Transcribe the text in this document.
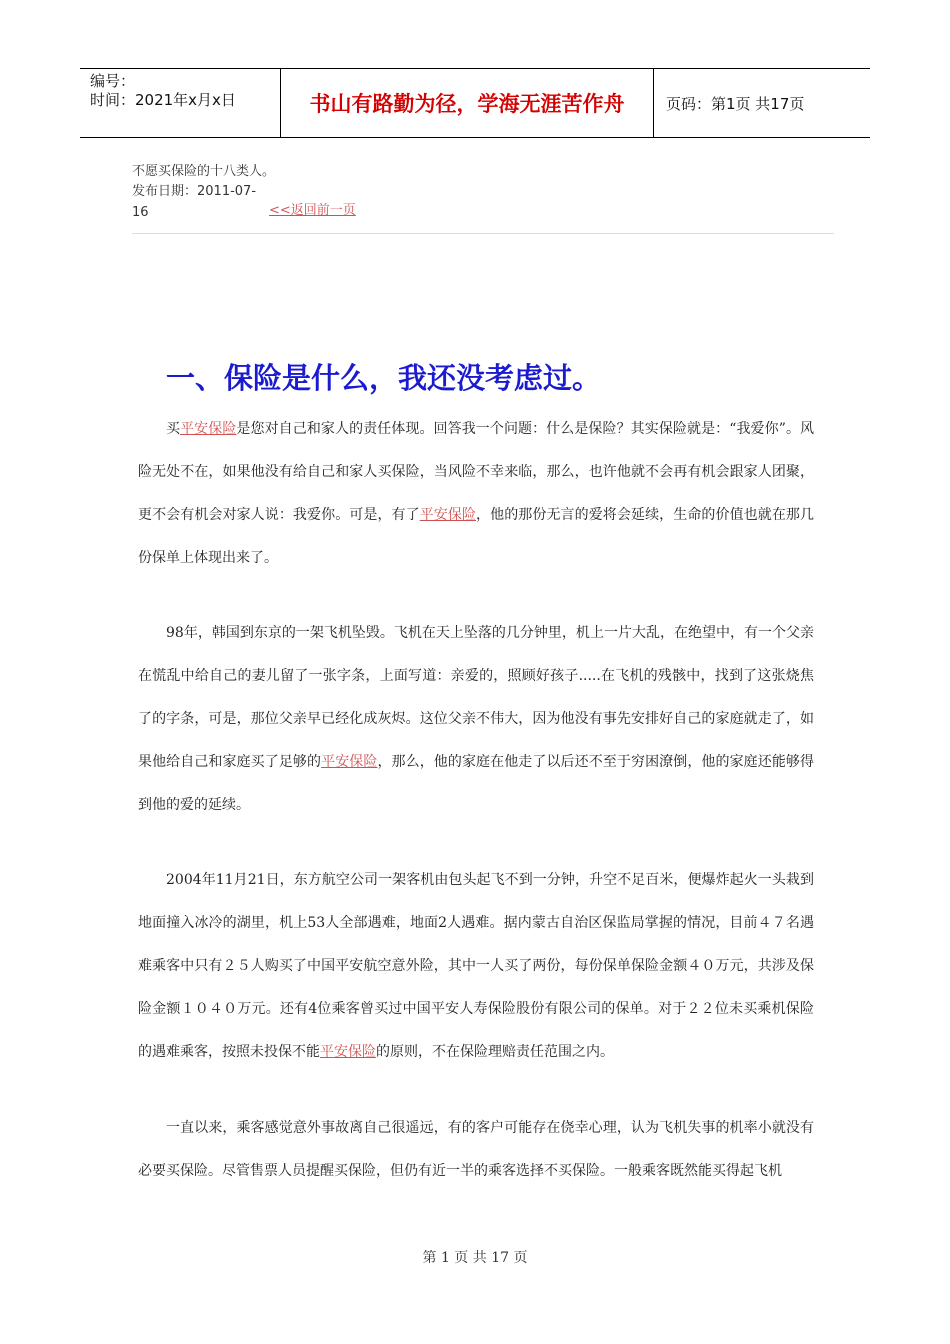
编号：
时间：2021年x月x日	书山有路勤为径，学海无涯苦作舟	页码：第1页 共17页
不愿买保险的十八类人。
发布日期：2011-07-16	<<返回前一页
一、保险是什么，我还没考虑过。

买平安保险是您对自己和家人的责任体现。回答我一个问题：什么是保险？其实保险就是：“我爱你”。风险无处不在，如果他没有给自己和家人买保险，当风险不幸来临，那么，也许他就不会再有机会跟家人团聚，更不会有机会对家人说：我爱你。可是，有了平安保险，他的那份无言的爱将会延续，生命的价值也就在那几份保单上体现出来了。

98年，韩国到东京的一架飞机坠毁。飞机在天上坠落的几分钟里，机上一片大乱，在绝望中，有一个父亲在慌乱中给自己的妻儿留了一张字条，上面写道：亲爱的，照顾好孩子.....在飞机的残骸中，找到了这张烧焦了的字条，可是，那位父亲早已经化成灰烬。这位父亲不伟大，因为他没有事先安排好自己的家庭就走了，如果他给自己和家庭买了足够的平安保险，那么，他的家庭在他走了以后还不至于穷困潦倒，他的家庭还能够得到他的爱的延续。

2004年11月21日，东方航空公司一架客机由包头起飞不到一分钟，升空不足百米，便爆炸起火一头栽到地面撞入冰冷的湖里，机上53人全部遇难，地面2人遇难。据内蒙古自治区保监局掌握的情况，目前４７名遇难乘客中只有２５人购买了中国平安航空意外险，其中一人买了两份，每份保单保险金额４０万元，共涉及保险金额１０４０万元。还有4位乘客曾买过中国平安人寿保险股份有限公司的保单。对于２２位未买乘机保险的遇难乘客，按照未投保不能平安保险的原则，不在保险理赔责任范围之内。

一直以来，乘客感觉意外事故离自己很遥远，有的客户可能存在侥幸心理，认为飞机失事的机率小就没有必要买保险。尽管售票人员提醒买保险，但仍有近一半的乘客选择不买保险。一般乘客既然能买得起飞机

第 1 页 共 17 页
